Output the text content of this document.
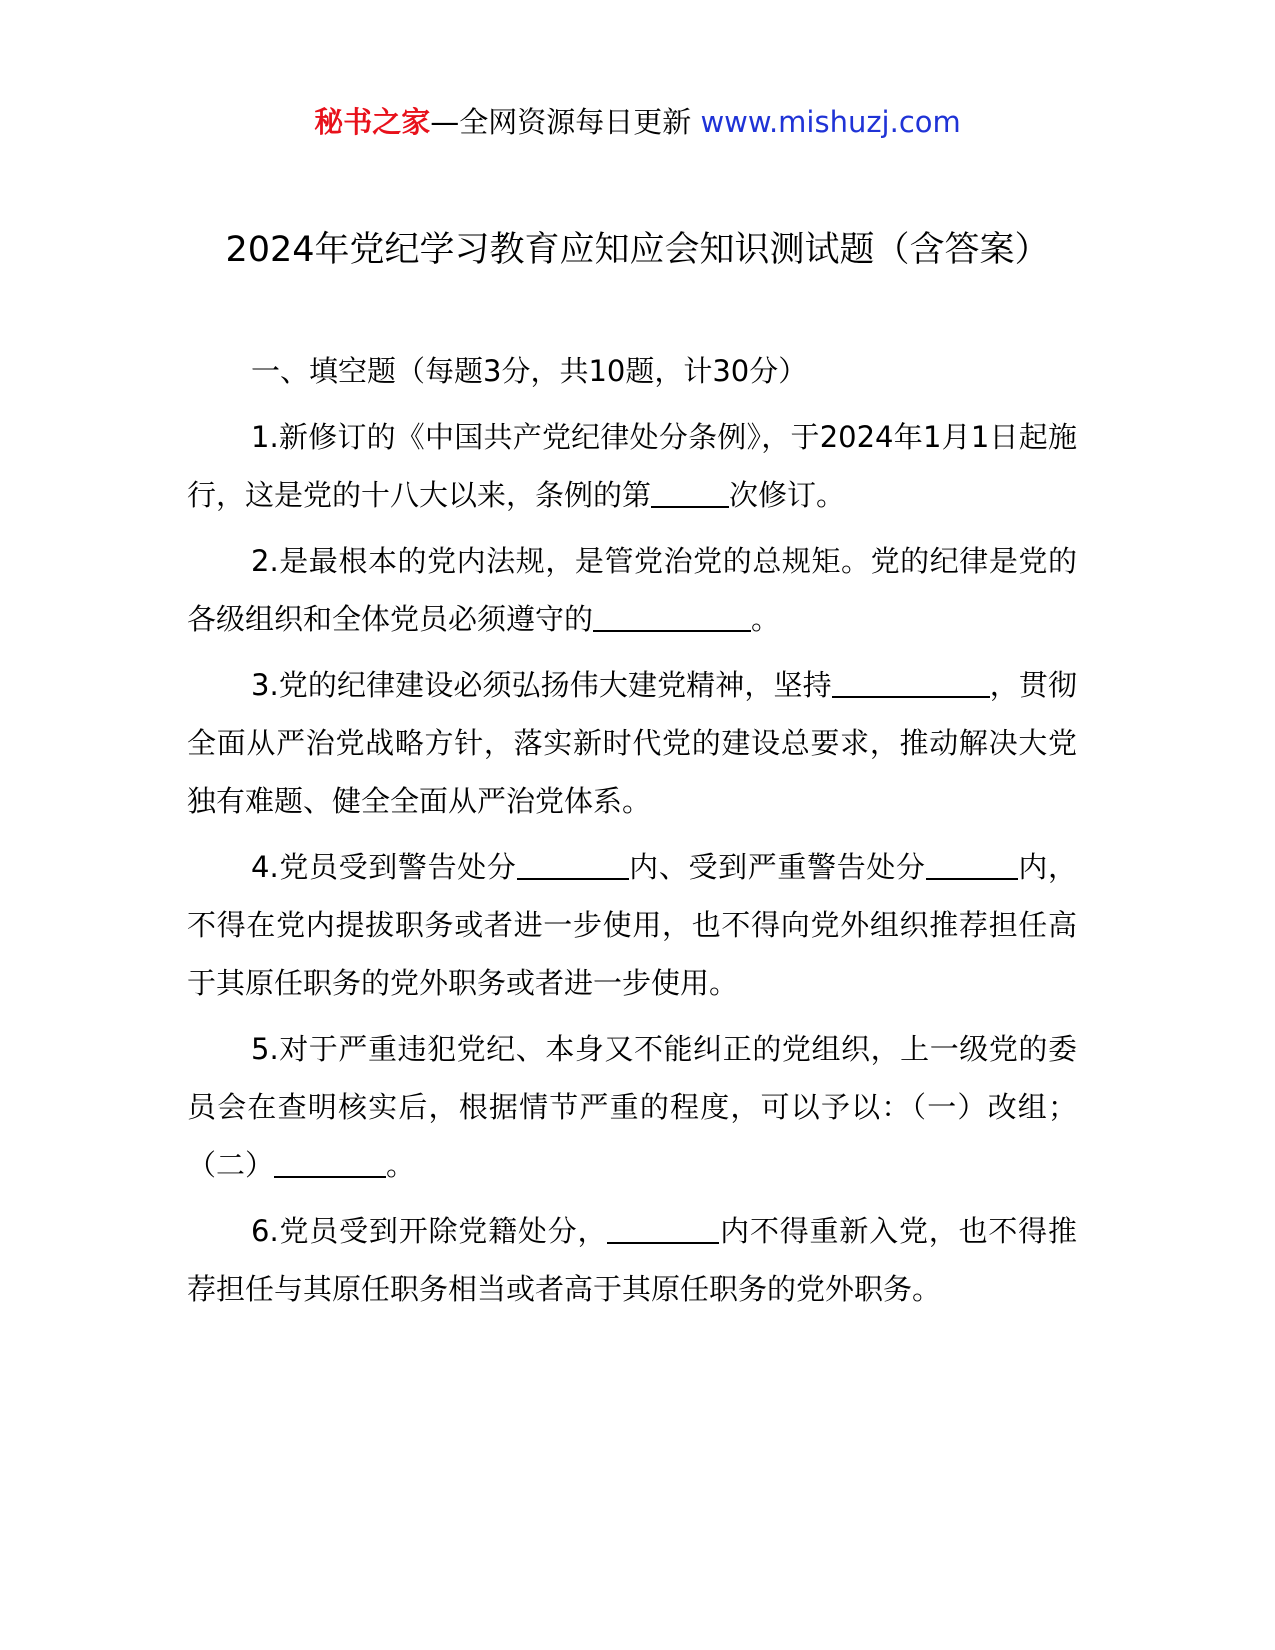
秘书之家—全网资源每日更新 www.mishuzj.com
2024年党纪学习教育应知应会知识测试题（含答案）

一、填空题（每题3分，共10题，计30分）

1.新修订的《中国共产党纪律处分条例》，于2024年1月1日起施行，这是党的十八大以来，条例的第	次修订。

2.是最根本的党内法规，是管党治党的总规矩。党的纪律是党的各级组织和全体党员必须遵守的	。

3.党的纪律建设必须弘扬伟大建党精神，坚持	，贯彻全面从严治党战略方针，落实新时代党的建设总要求，推动解决大党独有难题、健全全面从严治党体系。

4.党员受到警告处分	内、受到严重警告处分	内，不得在党内提拔职务或者进一步使用，也不得向党外组织推荐担任高于其原任职务的党外职务或者进一步使用。

5.对于严重违犯党纪、本身又不能纠正的党组织，上一级党的委员会在查明核实后，根据情节严重的程度，可以予以：（一）改组；（二）	。

6.党员受到开除党籍处分，	内不得重新入党，也不得推荐担任与其原任职务相当或者高于其原任职务的党外职务。
